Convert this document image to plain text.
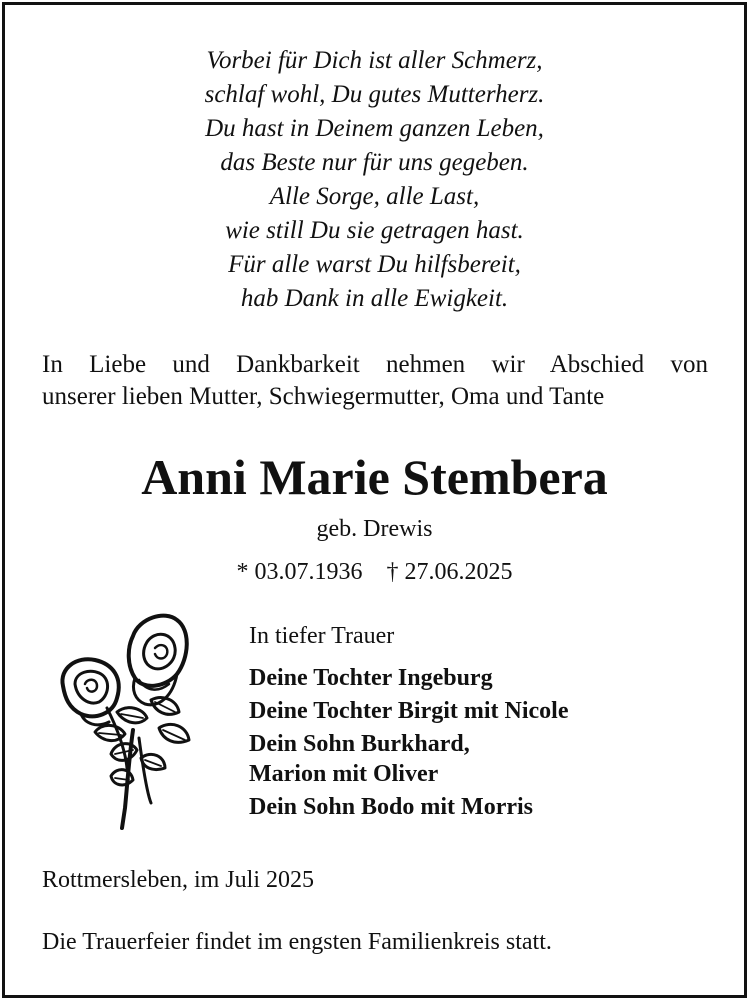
Vorbei für Dich ist aller Schmerz,
schlaf wohl, Du gutes Mutterherz.
Du hast in Deinem ganzen Leben,
das Beste nur für uns gegeben.
Alle Sorge, alle Last,
wie still Du sie getragen hast.
Für alle warst Du hilfsbereit,
hab Dank in alle Ewigkeit.
In Liebe und Dankbarkeit nehmen wir Abschied von
unserer lieben Mutter, Schwiegermutter, Oma und Tante
Anni Marie Stembera
geb. Drewis
* 03.07.1936 † 27.06.2025
In tiefer Trauer
Deine Tochter Ingeburg
Deine Tochter Birgit mit Nicole
Dein Sohn Burkhard,
Marion mit Oliver
Dein Sohn Bodo mit Morris
Rottmersleben, im Juli 2025
Die Trauerfeier findet im engsten Familienkreis statt.
